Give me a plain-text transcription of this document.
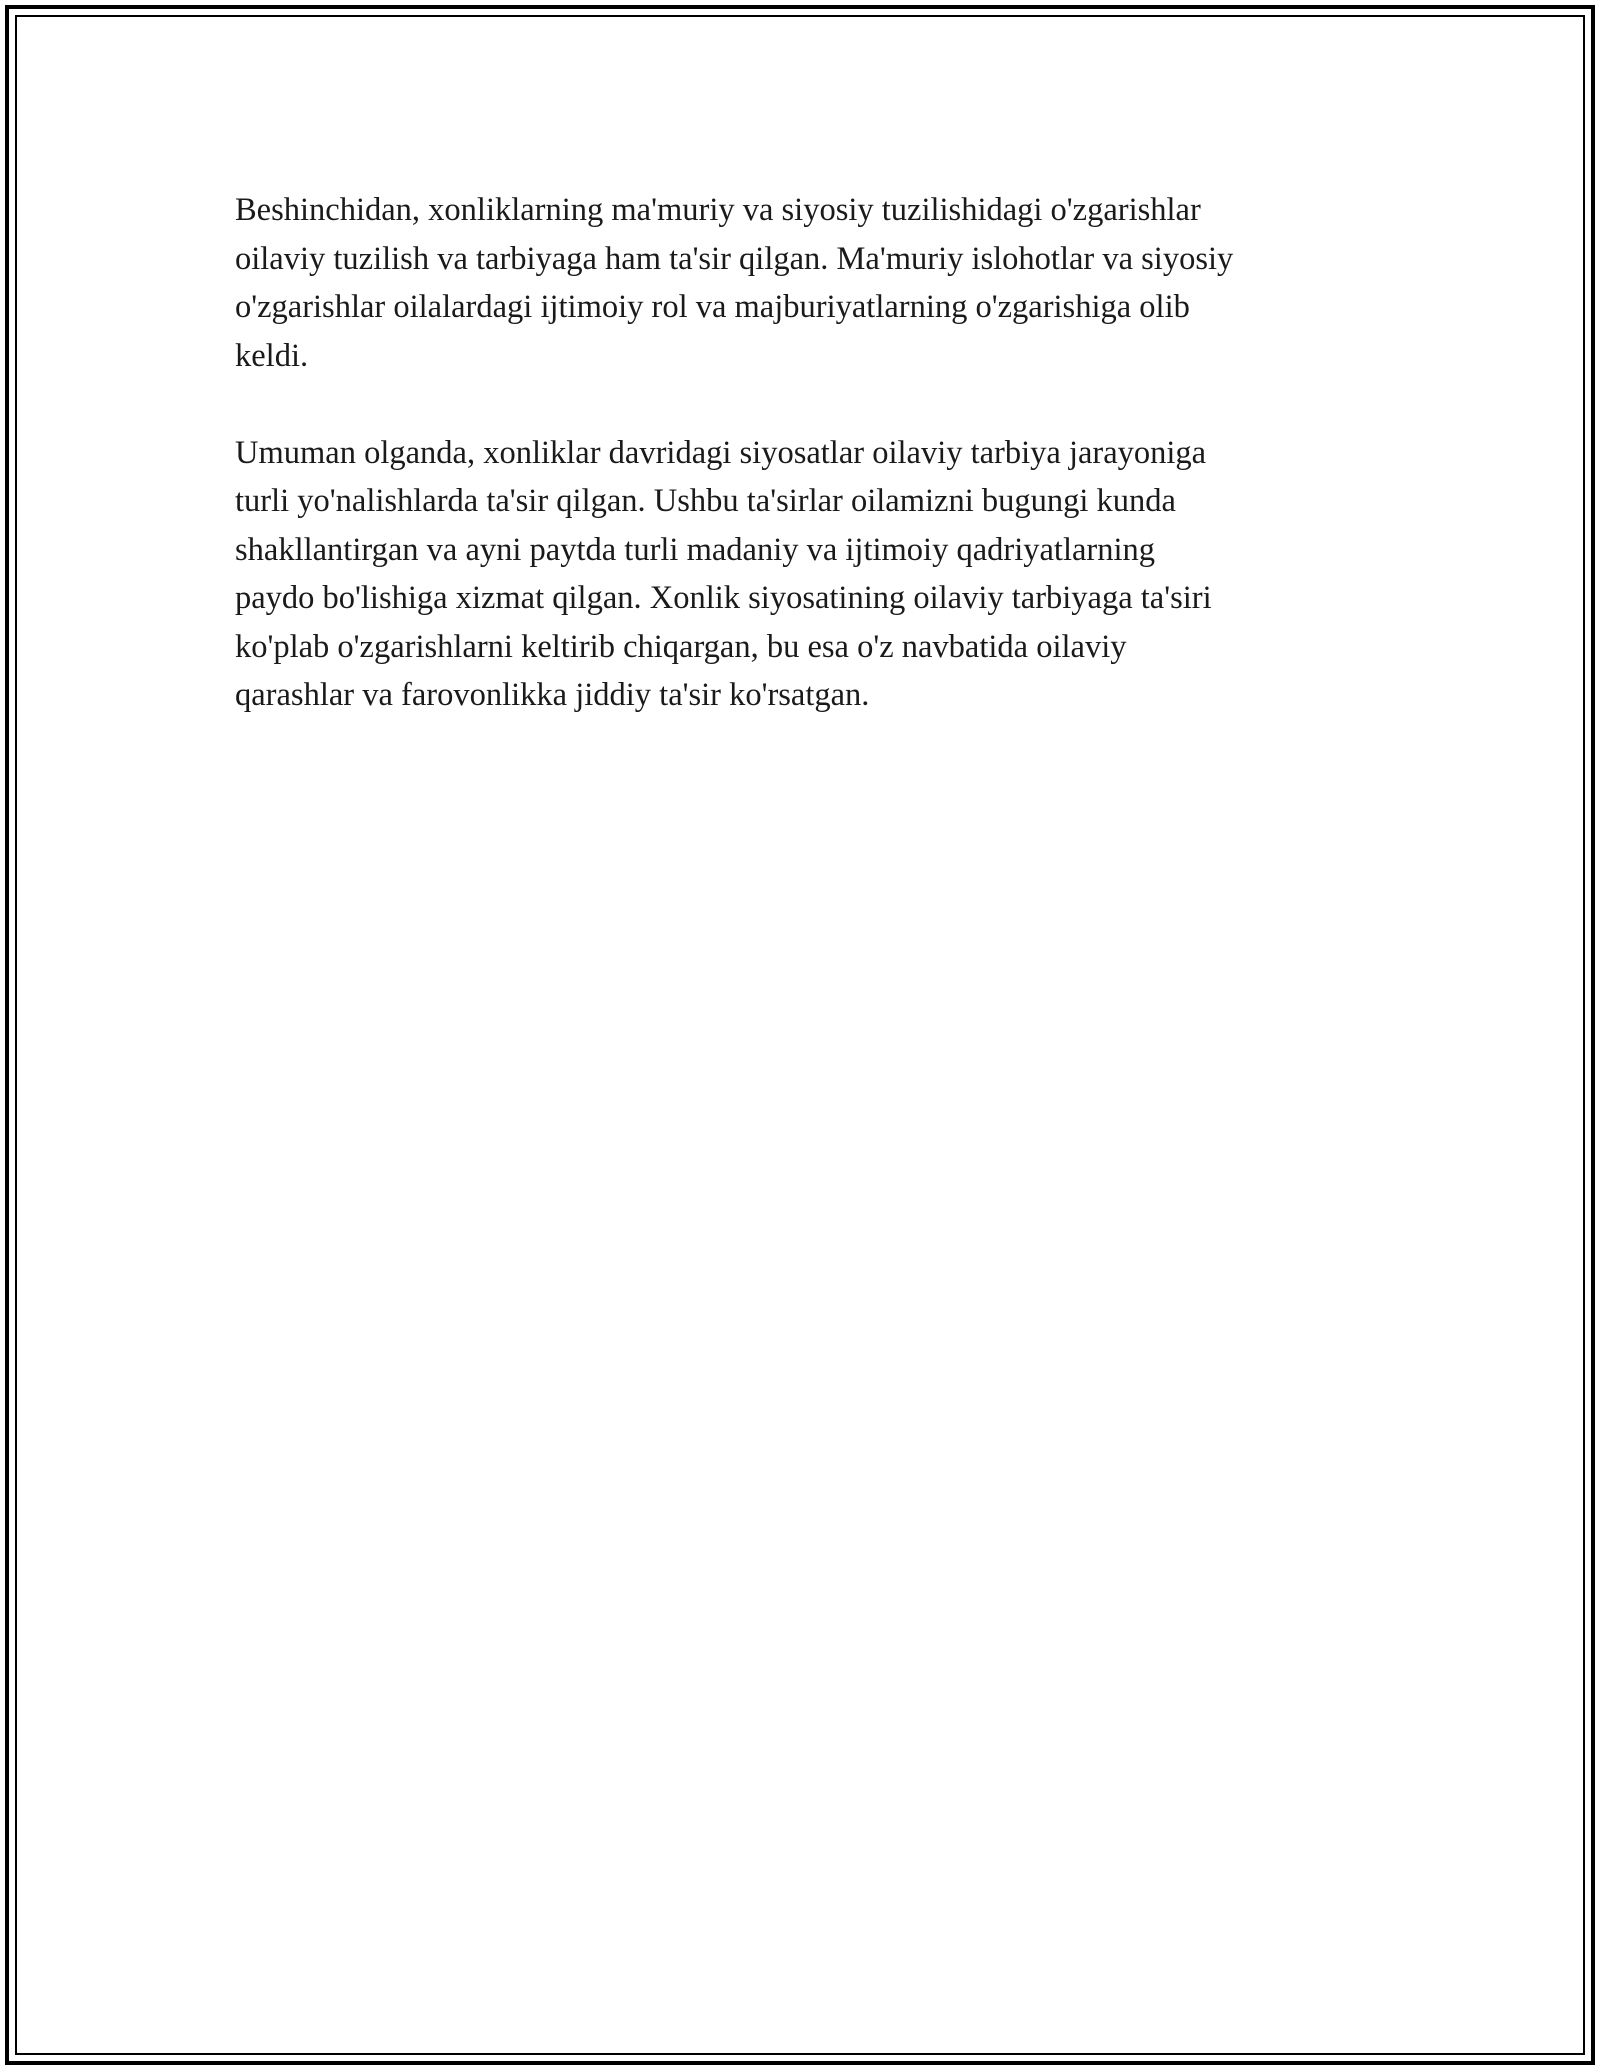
Beshinchidan, xonliklarning ma'muriy va siyosiy tuzilishidagi o'zgarishlar
oilaviy tuzilish va tarbiyaga ham ta'sir qilgan. Ma'muriy islohotlar va siyosiy
o'zgarishlar oilalardagi ijtimoiy rol va majburiyatlarning o'zgarishiga olib
keldi.

Umuman olganda, xonliklar davridagi siyosatlar oilaviy tarbiya jarayoniga
turli yo'nalishlarda ta'sir qilgan. Ushbu ta'sirlar oilamizni bugungi kunda
shakllantirgan va ayni paytda turli madaniy va ijtimoiy qadriyatlarning
paydo bo'lishiga xizmat qilgan. Xonlik siyosatining oilaviy tarbiyaga ta'siri
ko'plab o'zgarishlarni keltirib chiqargan, bu esa o'z navbatida oilaviy
qarashlar va farovonlikka jiddiy ta'sir ko'rsatgan.
